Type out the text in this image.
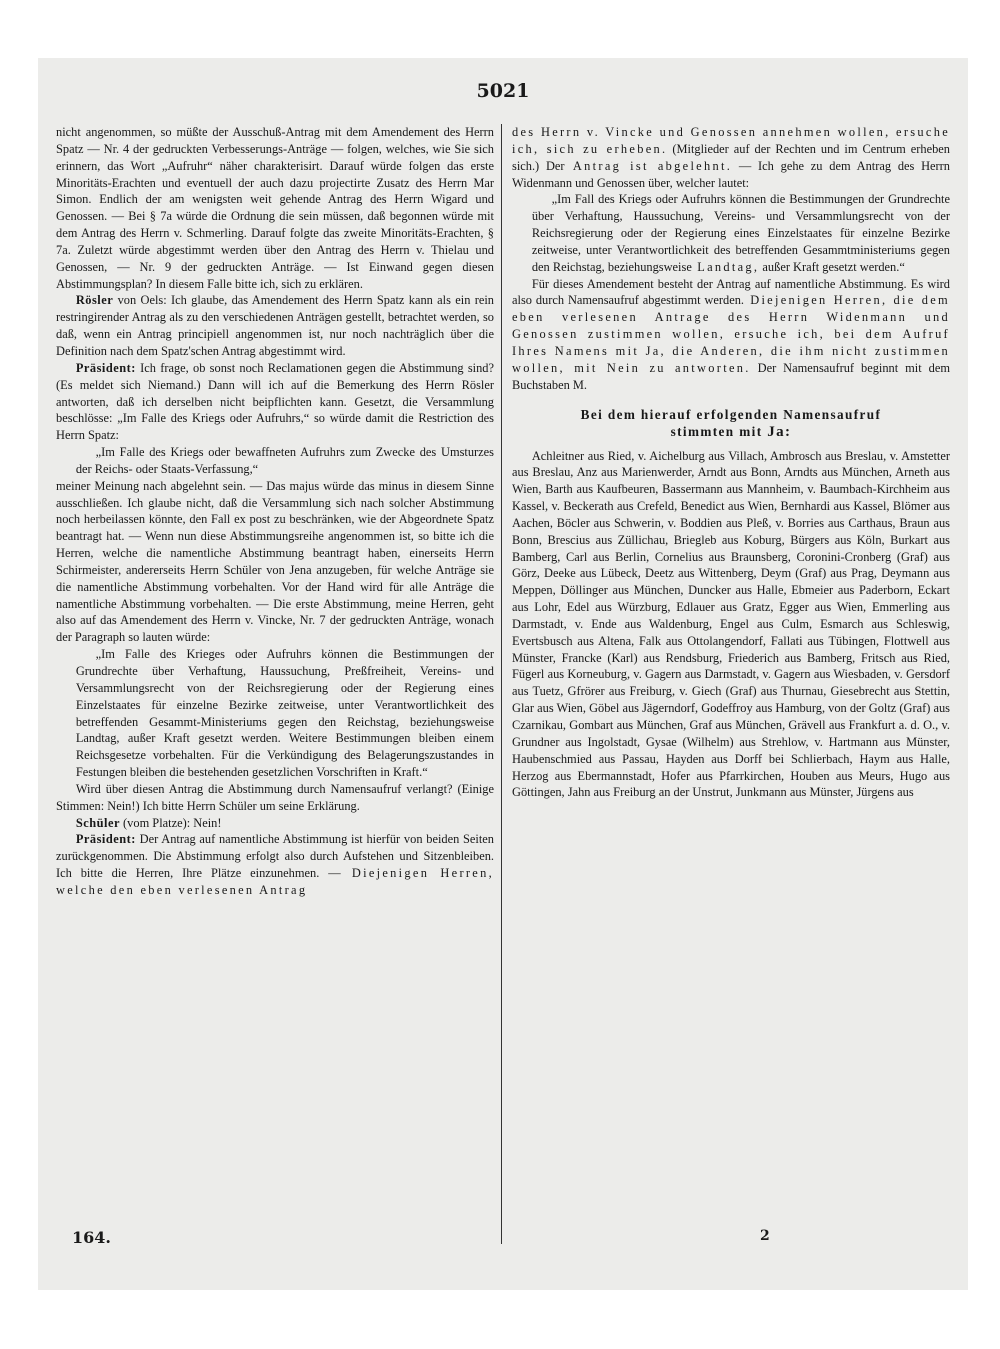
5021

nicht angenommen, so müßte der Ausschuß-Antrag mit dem Amendement des Herrn Spatz — Nr. 4 der gedruckten Verbesserungs-Anträge — folgen, welches, wie Sie sich erinnern, das Wort „Aufruhr“ näher charakterisirt. Darauf würde folgen das erste Minoritäts-Erachten und eventuell der auch dazu projectirte Zusatz des Herrn Mar Simon. Endlich der am wenigsten weit gehende Antrag des Herrn Wigard und Genossen. — Bei § 7a würde die Ordnung die sein müssen, daß begonnen würde mit dem Antrag des Herrn v. Schmerling. Darauf folgte das zweite Minoritäts-Erachten, § 7a. Zuletzt würde abgestimmt werden über den Antrag des Herrn v. Thielau und Genossen, — Nr. 9 der gedruckten Anträge. — Ist Einwand gegen diesen Abstimmungsplan? In diesem Falle bitte ich, sich zu erklären.

Rösler von Oels: Ich glaube, das Amendement des Herrn Spatz kann als ein rein restringirender Antrag als zu den verschiedenen Anträgen gestellt, betrachtet werden, so daß, wenn ein Antrag principiell angenommen ist, nur noch nachträglich über die Definition nach dem Spatz'schen Antrag abgestimmt wird.

Präsident: Ich frage, ob sonst noch Reclamationen gegen die Abstimmung sind? (Es meldet sich Niemand.) Dann will ich auf die Bemerkung des Herrn Rösler antworten, daß ich derselben nicht beipflichten kann. Gesetzt, die Versammlung beschlösse: „Im Falle des Kriegs oder Aufruhrs,“ so würde damit die Restriction des Herrn Spatz:

„Im Falle des Kriegs oder bewaffneten Aufruhrs zum Zwecke des Umsturzes der Reichs- oder Staats-Verfassung,“

meiner Meinung nach abgelehnt sein. — Das majus würde das minus in diesem Sinne ausschließen. Ich glaube nicht, daß die Versammlung sich nach solcher Abstimmung noch herbeilassen könnte, den Fall ex post zu beschränken, wie der Abgeordnete Spatz beantragt hat. — Wenn nun diese Abstimmungsreihe angenommen ist, so bitte ich die Herren, welche die namentliche Abstimmung beantragt haben, einerseits Herrn Schirmeister, andererseits Herrn Schüler von Jena anzugeben, für welche Anträge sie die namentliche Abstimmung vorbehalten. Vor der Hand wird für alle Anträge die namentliche Abstimmung vorbehalten. — Die erste Abstimmung, meine Herren, geht also auf das Amendement des Herrn v. Vincke, Nr. 7 der gedruckten Anträge, wonach der Paragraph so lauten würde:

„Im Falle des Krieges oder Aufruhrs können die Bestimmungen der Grundrechte über Verhaftung, Haussuchung, Preßfreiheit, Vereins- und Versammlungsrecht von der Reichsregierung oder der Regierung eines Einzelstaates für einzelne Bezirke zeitweise, unter Verantwortlichkeit des betreffenden Gesammt-Ministeriums gegen den Reichstag, beziehungsweise Landtag, außer Kraft gesetzt werden. Weitere Bestimmungen bleiben einem Reichsgesetze vorbehalten. Für die Verkündigung des Belagerungszustandes in Festungen bleiben die bestehenden gesetzlichen Vorschriften in Kraft.“

Wird über diesen Antrag die Abstimmung durch Namensaufruf verlangt? (Einige Stimmen: Nein!) Ich bitte Herrn Schüler um seine Erklärung.

Schüler (vom Platze): Nein!

Präsident: Der Antrag auf namentliche Abstimmung ist hierfür von beiden Seiten zurückgenommen. Die Abstimmung erfolgt also durch Aufstehen und Sitzenbleiben. Ich bitte die Herren, Ihre Plätze einzunehmen. — Diejenigen Herren, welche den eben verlesenen Antrag

des Herrn v. Vincke und Genossen annehmen wollen, ersuche ich, sich zu erheben. (Mitglieder auf der Rechten und im Centrum erheben sich.) Der Antrag ist abgelehnt. — Ich gehe zu dem Antrag des Herrn Widenmann und Genossen über, welcher lautet:

„Im Fall des Kriegs oder Aufruhrs können die Bestimmungen der Grundrechte über Verhaftung, Haussuchung, Vereins- und Versammlungsrecht von der Reichsregierung oder der Regierung eines Einzelstaates für einzelne Bezirke zeitweise, unter Verantwortlichkeit des betreffenden Gesammtministeriums gegen den Reichstag, beziehungsweise Landtag, außer Kraft gesetzt werden.“

Für dieses Amendement besteht der Antrag auf namentliche Abstimmung. Es wird also durch Namensaufruf abgestimmt werden. Diejenigen Herren, die dem eben verlesenen Antrage des Herrn Widenmann und Genossen zustimmen wollen, ersuche ich, bei dem Aufruf Ihres Namens mit Ja, die Anderen, die ihm nicht zustimmen wollen, mit Nein zu antworten. Der Namensaufruf beginnt mit dem Buchstaben M.

Bei dem hierauf erfolgenden Namensaufruf
stimmten mit Ja:

Achleitner aus Ried, v. Aichelburg aus Villach, Ambrosch aus Breslau, v. Amstetter aus Breslau, Anz aus Marienwerder, Arndt aus Bonn, Arndts aus München, Arneth aus Wien, Barth aus Kaufbeuren, Bassermann aus Mannheim, v. Baumbach-Kirchheim aus Kassel, v. Beckerath aus Crefeld, Benedict aus Wien, Bernhardi aus Kassel, Blömer aus Aachen, Böcler aus Schwerin, v. Boddien aus Pleß, v. Borries aus Carthaus, Braun aus Bonn, Brescius aus Züllichau, Briegleb aus Koburg, Bürgers aus Köln, Burkart aus Bamberg, Carl aus Berlin, Cornelius aus Braunsberg, Coronini-Cronberg (Graf) aus Görz, Deeke aus Lübeck, Deetz aus Wittenberg, Deym (Graf) aus Prag, Deymann aus Meppen, Döllinger aus München, Duncker aus Halle, Ebmeier aus Paderborn, Eckart aus Lohr, Edel aus Würzburg, Edlauer aus Gratz, Egger aus Wien, Emmerling aus Darmstadt, v. Ende aus Waldenburg, Engel aus Culm, Esmarch aus Schleswig, Evertsbusch aus Altena, Falk aus Ottolangendorf, Fallati aus Tübingen, Flottwell aus Münster, Francke (Karl) aus Rendsburg, Friederich aus Bamberg, Fritsch aus Ried, Fügerl aus Korneuburg, v. Gagern aus Darmstadt, v. Gagern aus Wiesbaden, v. Gersdorf aus Tuetz, Gfrörer aus Freiburg, v. Giech (Graf) aus Thurnau, Giesebrecht aus Stettin, Glar aus Wien, Göbel aus Jägerndorf, Godeffroy aus Hamburg, von der Goltz (Graf) aus Czarnikau, Gombart aus München, Graf aus München, Grävell aus Frankfurt a. d. O., v. Grundner aus Ingolstadt, Gysae (Wilhelm) aus Strehlow, v. Hartmann aus Münster, Haubenschmied aus Passau, Hayden aus Dorff bei Schlierbach, Haym aus Halle, Herzog aus Ebermannstadt, Hofer aus Pfarrkirchen, Houben aus Meurs, Hugo aus Göttingen, Jahn aus Freiburg an der Unstrut, Junkmann aus Münster, Jürgens aus

164.	2
